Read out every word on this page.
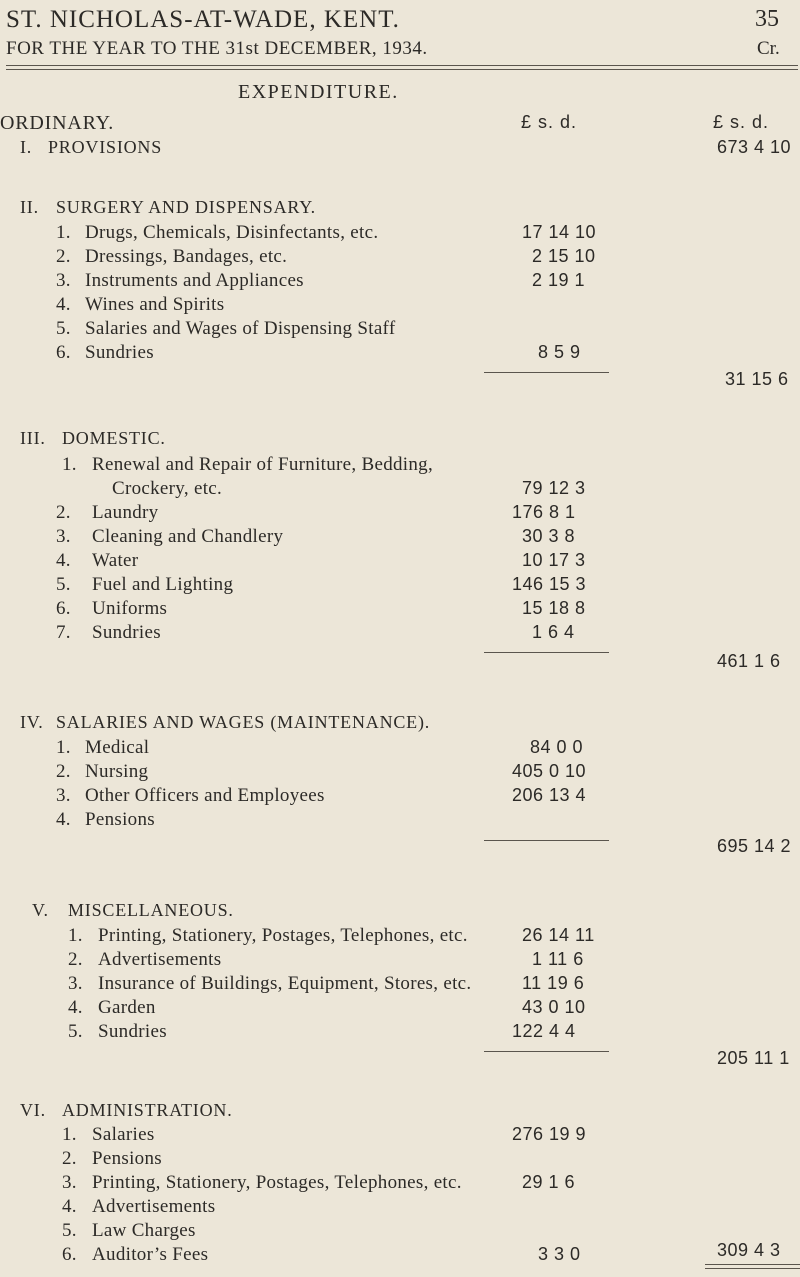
ST. NICHOLAS-AT-WADE, KENT.	35
FOR THE YEAR TO THE 31st DECEMBER, 1934.	Cr.
EXPENDITURE.
ORDINARY.	£ s. d.	£ s. d.
I. PROVISIONS	673 4 10
II. SURGERY AND DISPENSARY.
1. Drugs, Chemicals, Disinfectants, etc.	17 14 10
2. Dressings, Bandages, etc.	2 15 10
3. Instruments and Appliances	2 19 1
4. Wines and Spirits
5. Salaries and Wages of Dispensing Staff
6. Sundries	8 5 9
31 15 6
III. DOMESTIC.
1. Renewal and Repair of Furniture, Bedding,
Crockery, etc.	79 12 3
2. Laundry	176 8 1
3. Cleaning and Chandlery	30 3 8
4. Water	10 17 3
5. Fuel and Lighting	146 15 3
6. Uniforms	15 18 8
7. Sundries	1 6 4
461 1 6
IV. SALARIES AND WAGES (MAINTENANCE).
1. Medical	84 0 0
2. Nursing	405 0 10
3. Other Officers and Employees	206 13 4
4. Pensions
695 14 2
V. MISCELLANEOUS.
1. Printing, Stationery, Postages, Telephones, etc.	26 14 11
2. Advertisements	1 11 6
3. Insurance of Buildings, Equipment, Stores, etc.	11 19 6
4. Garden	43 0 10
5. Sundries	122 4 4
205 11 1
VI. ADMINISTRATION.
1. Salaries	276 19 9
2. Pensions
3. Printing, Stationery, Postages, Telephones, etc.	29 1 6
4. Advertisements
5. Law Charges
6. Auditor’s Fees	3 3 0	309 4 3
